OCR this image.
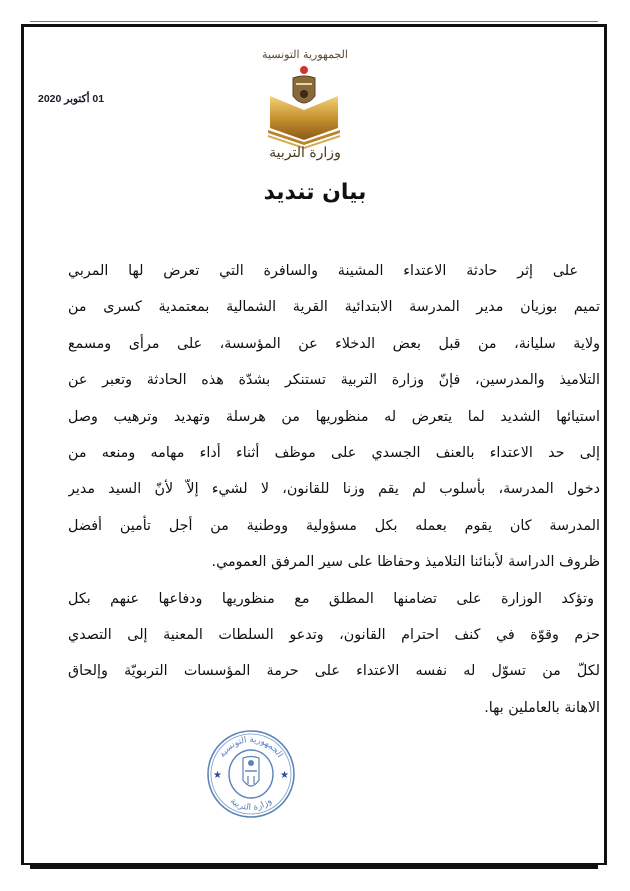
01 أكتوبر 2020
الجمهورية التونسية
وزارة التربية
بيان تنديد
على إثر حادثة الاعتداء المشينة والسافرة التي تعرض لها المربي
تميم بوزيان مدير المدرسة الابتدائية القرية الشمالية بمعتمدية كسرى من
ولاية سليانة، من قبل بعض الدخلاء عن المؤسسة، على مرأى ومسمع
التلاميذ والمدرسين، فإنّ وزارة التربية تستنكر بشدّة هذه الحادثة وتعبر عن
استيائها الشديد لما يتعرض له منظوريها من هرسلة وتهديد وترهيب وصل
إلى حد الاعتداء بالعنف الجسدي على موظف أثناء أداء مهامه ومنعه من
دخول المدرسة، بأسلوب لم يقم وزنا للقانون، لا لشيء إلاّ لأنّ السيد مدير
المدرسة كان يقوم بعمله بكل مسؤولية ووطنية من أجل تأمين أفضل
ظروف الدراسة لأبنائنا التلاميذ وحفاظا على سير المرفق العمومي.
وتؤكد الوزارة على تضامنها المطلق مع منظوريها ودفاعها عنهم بكل
حزم وقوّة في كنف احترام القانون، وتدعو السلطات المعنية إلى التصدي
لكلّ من تسوّل له نفسه الاعتداء على حرمة المؤسسات التربويّة وإلحاق
الاهانة بالعاملين بها.
★	★
الجمهورية التونسية
وزارة التربية
